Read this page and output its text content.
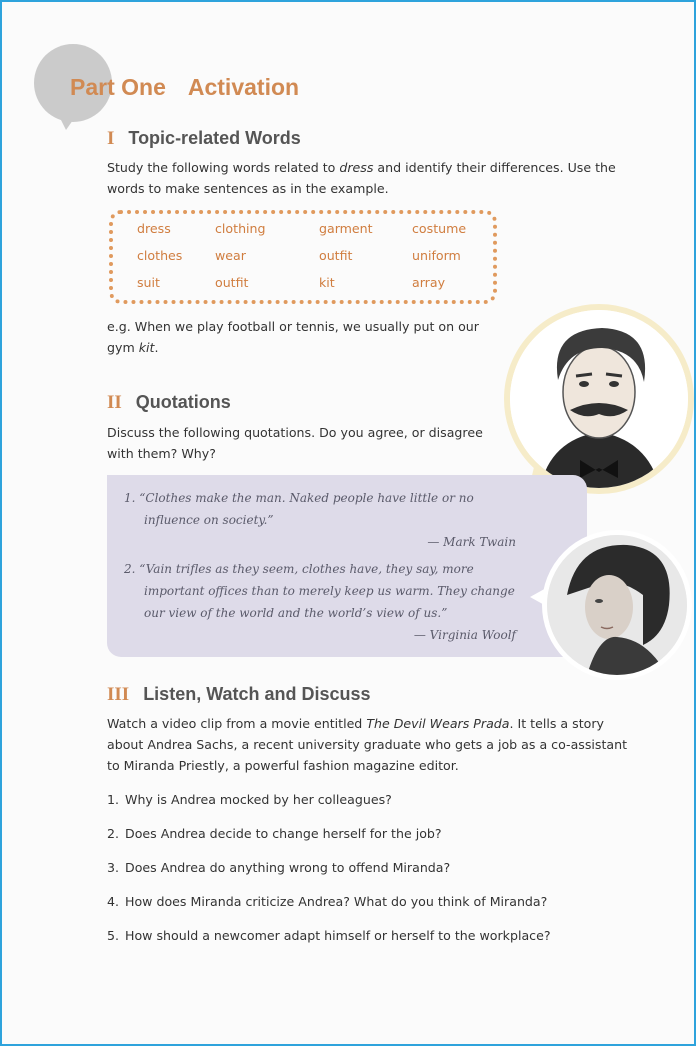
Part One Activation
I Topic-related Words
Study the following words related to dress and identify their differences. Use the
words to make sentences as in the example.
dress	clothing	garment	costume
clothes	wear	outfit	uniform
suit	outfit	kit	array
e.g. When we play football or tennis, we usually put on our
gym kit.
II Quotations
Discuss the following quotations. Do you agree, or disagree
with them? Why?
1. “Clothes make the man. Naked people have little or no
influence on society.”
— Mark Twain
2. “Vain trifles as they seem, clothes have, they say, more
important offices than to merely keep us warm. They change
our view of the world and the world’s view of us.”
— Virginia Woolf
III Listen, Watch and Discuss
Watch a video clip from a movie entitled The Devil Wears Prada. It tells a story
about Andrea Sachs, a recent university graduate who gets a job as a co-assistant
to Miranda Priestly, a powerful fashion magazine editor.
1. Why is Andrea mocked by her colleagues?
2. Does Andrea decide to change herself for the job?
3. Does Andrea do anything wrong to offend Miranda?
4. How does Miranda criticize Andrea? What do you think of Miranda?
5. How should a newcomer adapt himself or herself to the workplace?
